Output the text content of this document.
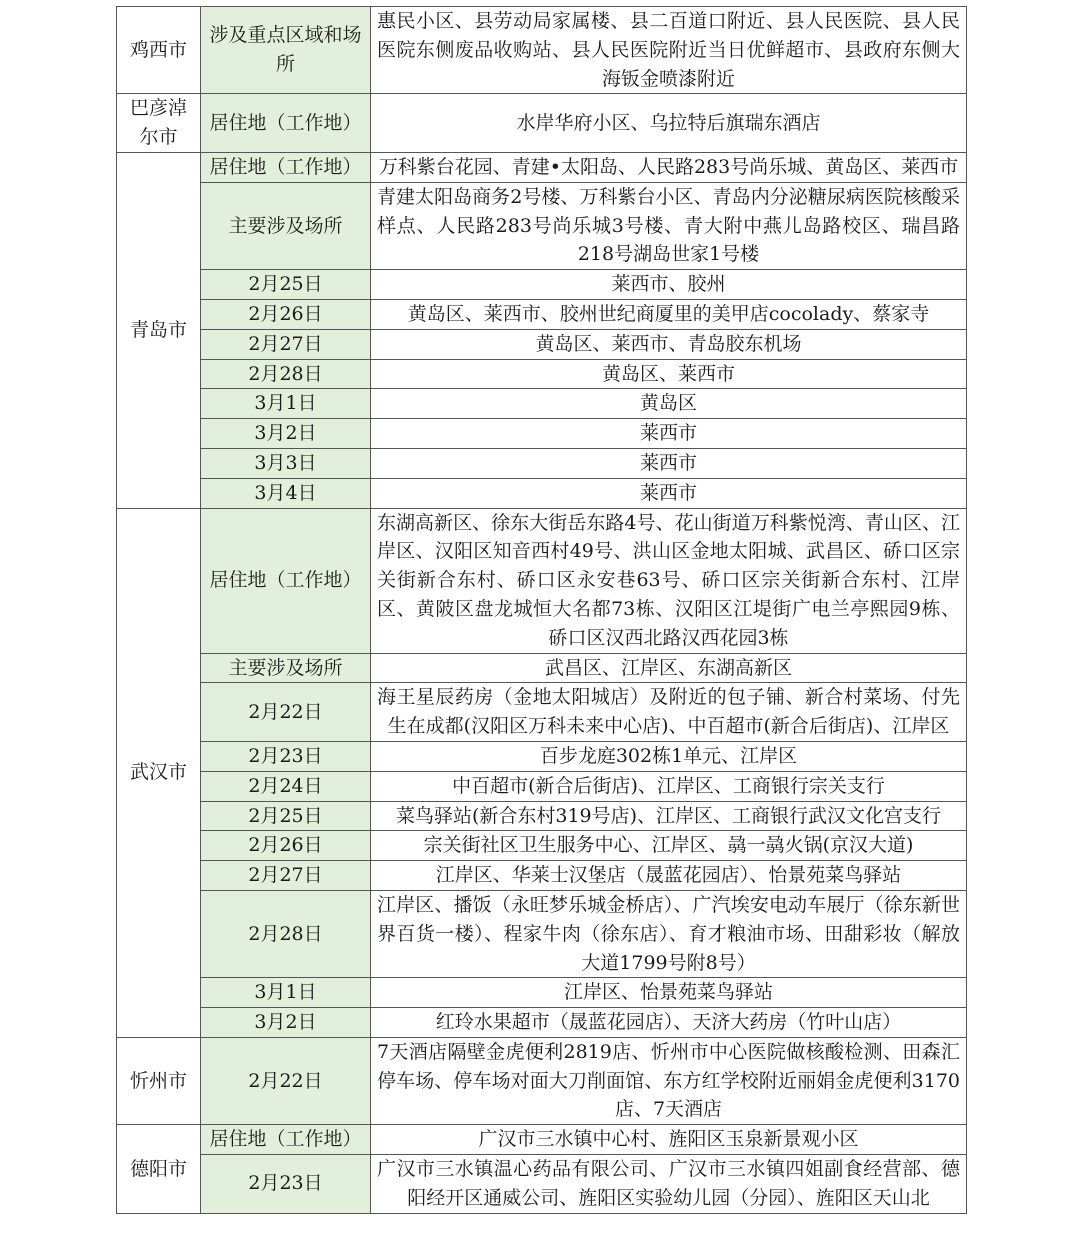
鸡西市	涉及重点区域和场所	惠民小区、县劳动局家属楼、县二百道口附近、县人民医院、县人民医院东侧废品收购站、县人民医院附近当日优鲜超市、县政府东侧大海钣金喷漆附近
巴彦淖尔市	居住地（工作地）	水岸华府小区、乌拉特后旗瑞东酒店
青岛市	居住地（工作地）	万科紫台花园、青建•太阳岛、人民路283号尚乐城、黄岛区、莱西市
	主要涉及场所	青建太阳岛商务2号楼、万科紫台小区、青岛内分泌糖尿病医院核酸采样点、人民路283号尚乐城3号楼、青大附中燕儿岛路校区、瑞昌路218号湖岛世家1号楼
	2月25日	莱西市、胶州
	2月26日	黄岛区、莱西市、胶州世纪商厦里的美甲店cocolady、蔡家寺
	2月27日	黄岛区、莱西市、青岛胶东机场
	2月28日	黄岛区、莱西市
	3月1日	黄岛区
	3月2日	莱西市
	3月3日	莱西市
	3月4日	莱西市
武汉市	居住地（工作地）	东湖高新区、徐东大街岳东路4号、花山街道万科紫悦湾、青山区、江岸区、汉阳区知音西村49号、洪山区金地太阳城、武昌区、硚口区宗关街新合东村、硚口区永安巷63号、硚口区宗关街新合东村、江岸区、黄陂区盘龙城恒大名都73栋、汉阳区江堤街广电兰亭熙园9栋、硚口区汉西北路汉西花园3栋
	主要涉及场所	武昌区、江岸区、东湖高新区
	2月22日	海王星辰药房（金地太阳城店）及附近的包子铺、新合村菜场、付先生在成都(汉阳区万科未来中心店)、中百超市(新合后街店)、江岸区
	2月23日	百步龙庭302栋1单元、江岸区
	2月24日	中百超市(新合后街店)、江岸区、工商银行宗关支行
	2月25日	菜鸟驿站(新合东村319号店)、江岸区、工商银行武汉文化宫支行
	2月26日	宗关街社区卫生服务中心、江岸区、骉一骉火锅(京汉大道)
	2月27日	江岸区、华莱士汉堡店（晟蓝花园店）、怡景苑菜鸟驿站
	2月28日	江岸区、播饭（永旺梦乐城金桥店）、广汽埃安电动车展厅（徐东新世界百货一楼）、程家牛肉（徐东店）、育才粮油市场、田甜彩妆（解放大道1799号附8号）
	3月1日	江岸区、怡景苑菜鸟驿站
	3月2日	红玲水果超市（晟蓝花园店）、天济大药房（竹叶山店）
忻州市	2月22日	7天酒店隔壁金虎便利2819店、忻州市中心医院做核酸检测、田森汇停车场、停车场对面大刀削面馆、东方红学校附近丽娟金虎便利3170店、7天酒店
德阳市	居住地（工作地）	广汉市三水镇中心村、旌阳区玉泉新景观小区
	2月23日	广汉市三水镇温心药品有限公司、广汉市三水镇四姐副食经营部、德阳经开区通威公司、旌阳区实验幼儿园（分园）、旌阳区天山北
